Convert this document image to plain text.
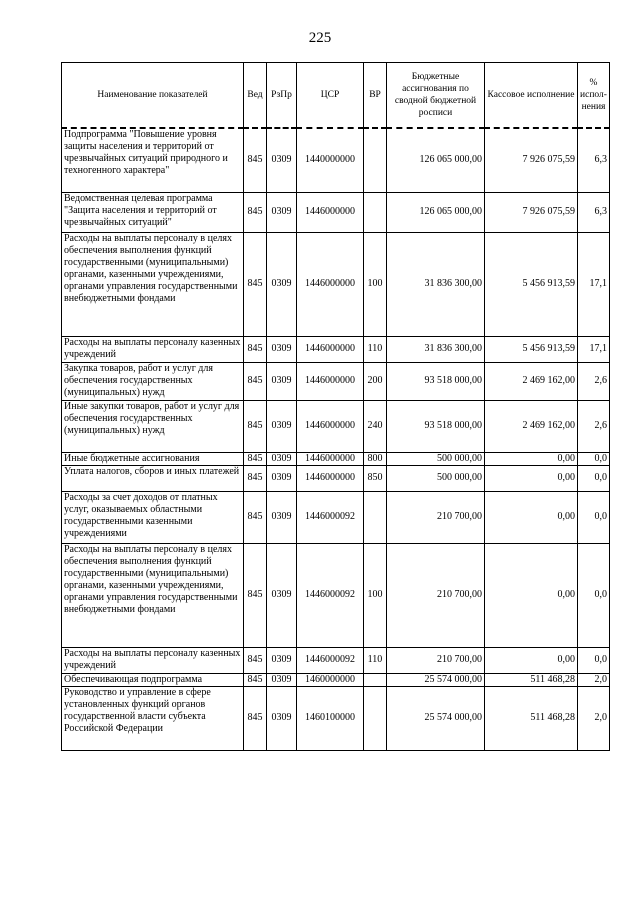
225
Наименование показателей	Вед	РзПр	ЦСР	ВР	Бюджетные ассигнования по сводной бюджетной росписи	Кассовое исполнение	% испол-нения
Подпрограмма "Повышение уровня защиты населения и территорий от чрезвычайных ситуаций природного и техногенного характера"	845	0309	1440000000		126 065 000,00	7 926 075,59	6,3
Ведомственная целевая программа "Защита населения и территорий от чрезвычайных ситуаций"	845	0309	1446000000		126 065 000,00	7 926 075,59	6,3
Расходы на выплаты персоналу в целях обеспечения выполнения функций государственными (муниципальными) органами, казенными учреждениями, органами управления государственными внебюджетными фондами	845	0309	1446000000	100	31 836 300,00	5 456 913,59	17,1
Расходы на выплаты персоналу казенных учреждений	845	0309	1446000000	110	31 836 300,00	5 456 913,59	17,1
Закупка товаров, работ и услуг для обеспечения государственных (муниципальных) нужд	845	0309	1446000000	200	93 518 000,00	2 469 162,00	2,6
Иные закупки товаров, работ и услуг для обеспечения государственных (муниципальных) нужд	845	0309	1446000000	240	93 518 000,00	2 469 162,00	2,6
Иные бюджетные ассигнования	845	0309	1446000000	800	500 000,00	0,00	0,0
Уплата налогов, сборов и иных платежей	845	0309	1446000000	850	500 000,00	0,00	0,0
Расходы за счет доходов от платных услуг, оказываемых областными государственными казенными учреждениями	845	0309	1446000092		210 700,00	0,00	0,0
Расходы на выплаты персоналу в целях обеспечения выполнения функций государственными (муниципальными) органами, казенными учреждениями, органами управления государственными внебюджетными фондами	845	0309	1446000092	100	210 700,00	0,00	0,0
Расходы на выплаты персоналу казенных учреждений	845	0309	1446000092	110	210 700,00	0,00	0,0
Обеспечивающая подпрограмма	845	0309	1460000000		25 574 000,00	511 468,28	2,0
Руководство и управление в сфере установленных функций органов государственной власти субъекта Российской Федерации	845	0309	1460100000		25 574 000,00	511 468,28	2,0
